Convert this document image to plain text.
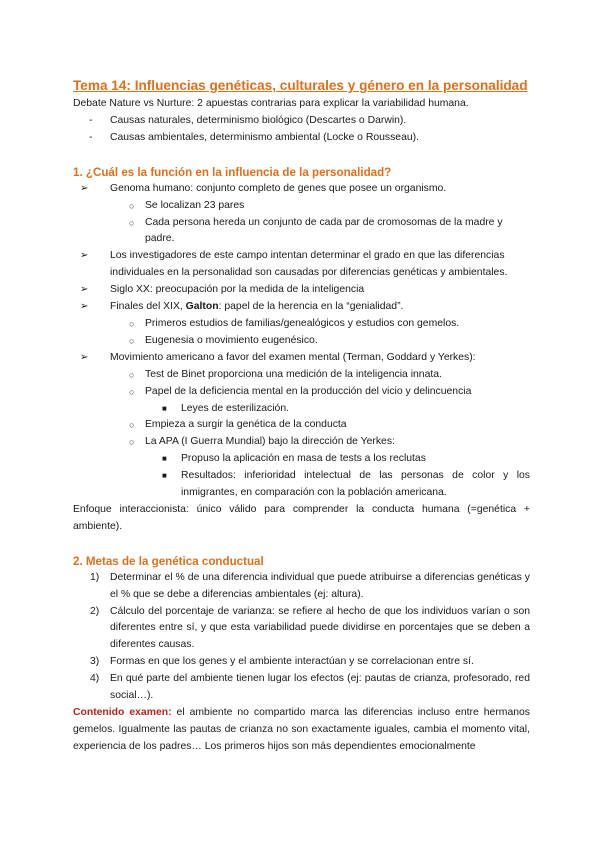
Tema 14: Influencias genéticas, culturales y género en la personalidad

Debate Nature vs Nurture: 2 apuestas contrarias para explicar la variabilidad humana.

- Causas naturales, determinismo biológico (Descartes o Darwin).

- Causas ambientales, determinismo ambiental (Locke o Rousseau).

1. ¿Cuál es la función en la influencia de la personalidad?

➢ Genoma humano: conjunto completo de genes que posee un organismo.

○ Se localizan 23 pares

○ Cada persona hereda un conjunto de cada par de cromosomas de la madre y padre.

➢ Los investigadores de este campo intentan determinar el grado en que las diferencias individuales en la personalidad son causadas por diferencias genéticas y ambientales.

➢ Siglo XX: preocupación por la medida de la inteligencia

➢ Finales del XIX, Galton: papel de la herencia en la “genialidad”.

○ Primeros estudios de familias/genealógicos y estudios con gemelos.

○ Eugenesia o movimiento eugenésico.

➢ Movimiento americano a favor del examen mental (Terman, Goddard y Yerkes):

○ Test de Binet proporciona una medición de la inteligencia innata.

○ Papel de la deficiencia mental en la producción del vicio y delincuencia

■ Leyes de esterilización.

○ Empieza a surgir la genética de la conducta

○ La APA (I Guerra Mundial) bajo la dirección de Yerkes:

■ Propuso la aplicación en masa de tests a los reclutas

■ Resultados: inferioridad intelectual de las personas de color y los inmigrantes, en comparación con la población americana.

Enfoque interaccionista: único válido para comprender la conducta humana (=genética + ambiente).

2. Metas de la genética conductual

1) Determinar el % de una diferencia individual que puede atribuirse a diferencias genéticas y el % que se debe a diferencias ambientales (ej: altura).

2) Cálculo del porcentaje de varianza: se refiere al hecho de que los individuos varían o son diferentes entre sí, y que esta variabilidad puede dividirse en porcentajes que se deben a diferentes causas.

3) Formas en que los genes y el ambiente interactúan y se correlacionan entre sí.

4) En qué parte del ambiente tienen lugar los efectos (ej: pautas de crianza, profesorado, red social…).

Contenido examen: el ambiente no compartido marca las diferencias incluso entre hermanos gemelos. Igualmente las pautas de crianza no son exactamente iguales, cambia el momento vital, experiencia de los padres… Los primeros hijos son más dependientes emocionalmente
